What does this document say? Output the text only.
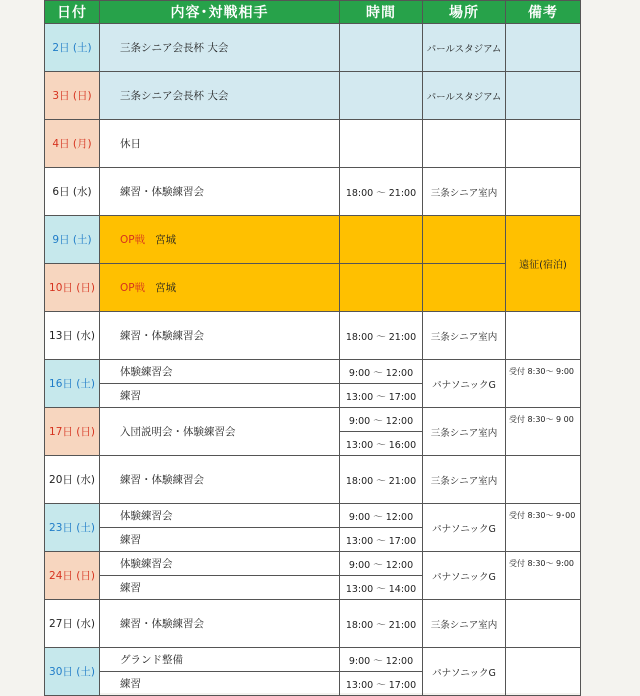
日付	内容･対戦相手	時間	場所	備考
2日 (土)	三条シニア会長杯 大会		パールスタジアム	
3日 (日)	三条シニア会長杯 大会		パールスタジアム	
4日 (月)	休日			
6日 (水)	練習・体験練習会	18:00 ～ 21:00	三条シニア室内	
9日 (土)	OP戦 宮城			遠征(宿泊)
10日 (日)	OP戦 宮城			
13日 (水)	練習・体験練習会	18:00 ～ 21:00	三条シニア室内	
16日 (土)	体験練習会	9:00 ～ 12:00	パナソニックG	受付 8:30～ 9:00
	練習	13:00 ～ 17:00		
17日 (日)	入団説明会・体験練習会	9:00 ～ 12:00	三条シニア室内	受付 8:30～ 9 00
		13:00 ～ 16:00		
20日 (水)	練習・体験練習会	18:00 ～ 21:00	三条シニア室内	
23日 (土)	体験練習会	9:00 ～ 12:00	パナソニックG	受付 8:30～ 9･00
	練習	13:00 ～ 17:00		
24日 (日)	体験練習会	9:00 ～ 12:00	パナソニックG	受付 8:30～ 9:00
	練習	13:00 ～ 14:00		
27日 (水)	練習・体験練習会	18:00 ～ 21:00	三条シニア室内	
30日 (土)	グランド整備	9:00 ～ 12:00	パナソニックG	
	練習	13:00 ～ 17:00		
